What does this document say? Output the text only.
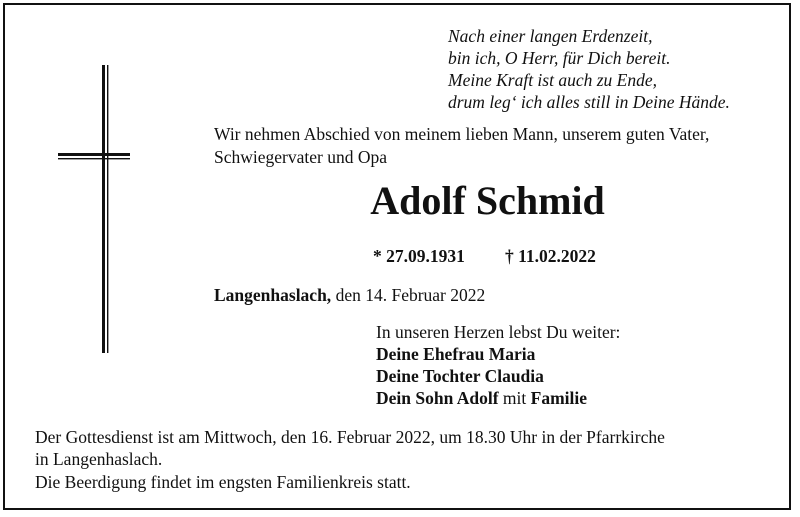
Nach einer langen Erdenzeit,
bin ich, O Herr, für Dich bereit.
Meine Kraft ist auch zu Ende,
drum leg‘ ich alles still in Deine Hände.
Wir nehmen Abschied von meinem lieben Mann, unserem guten Vater,
Schwiegervater und Opa
Adolf Schmid
* 27.09.1931 † 11.02.2022
Langenhaslach, den 14. Februar 2022
In unseren Herzen lebst Du weiter:
Deine Ehefrau Maria
Deine Tochter Claudia
Dein Sohn Adolf mit Familie
Der Gottesdienst ist am Mittwoch, den 16. Februar 2022, um 18.30 Uhr in der Pfarrkirche
in Langenhaslach.
Die Beerdigung findet im engsten Familienkreis statt.
